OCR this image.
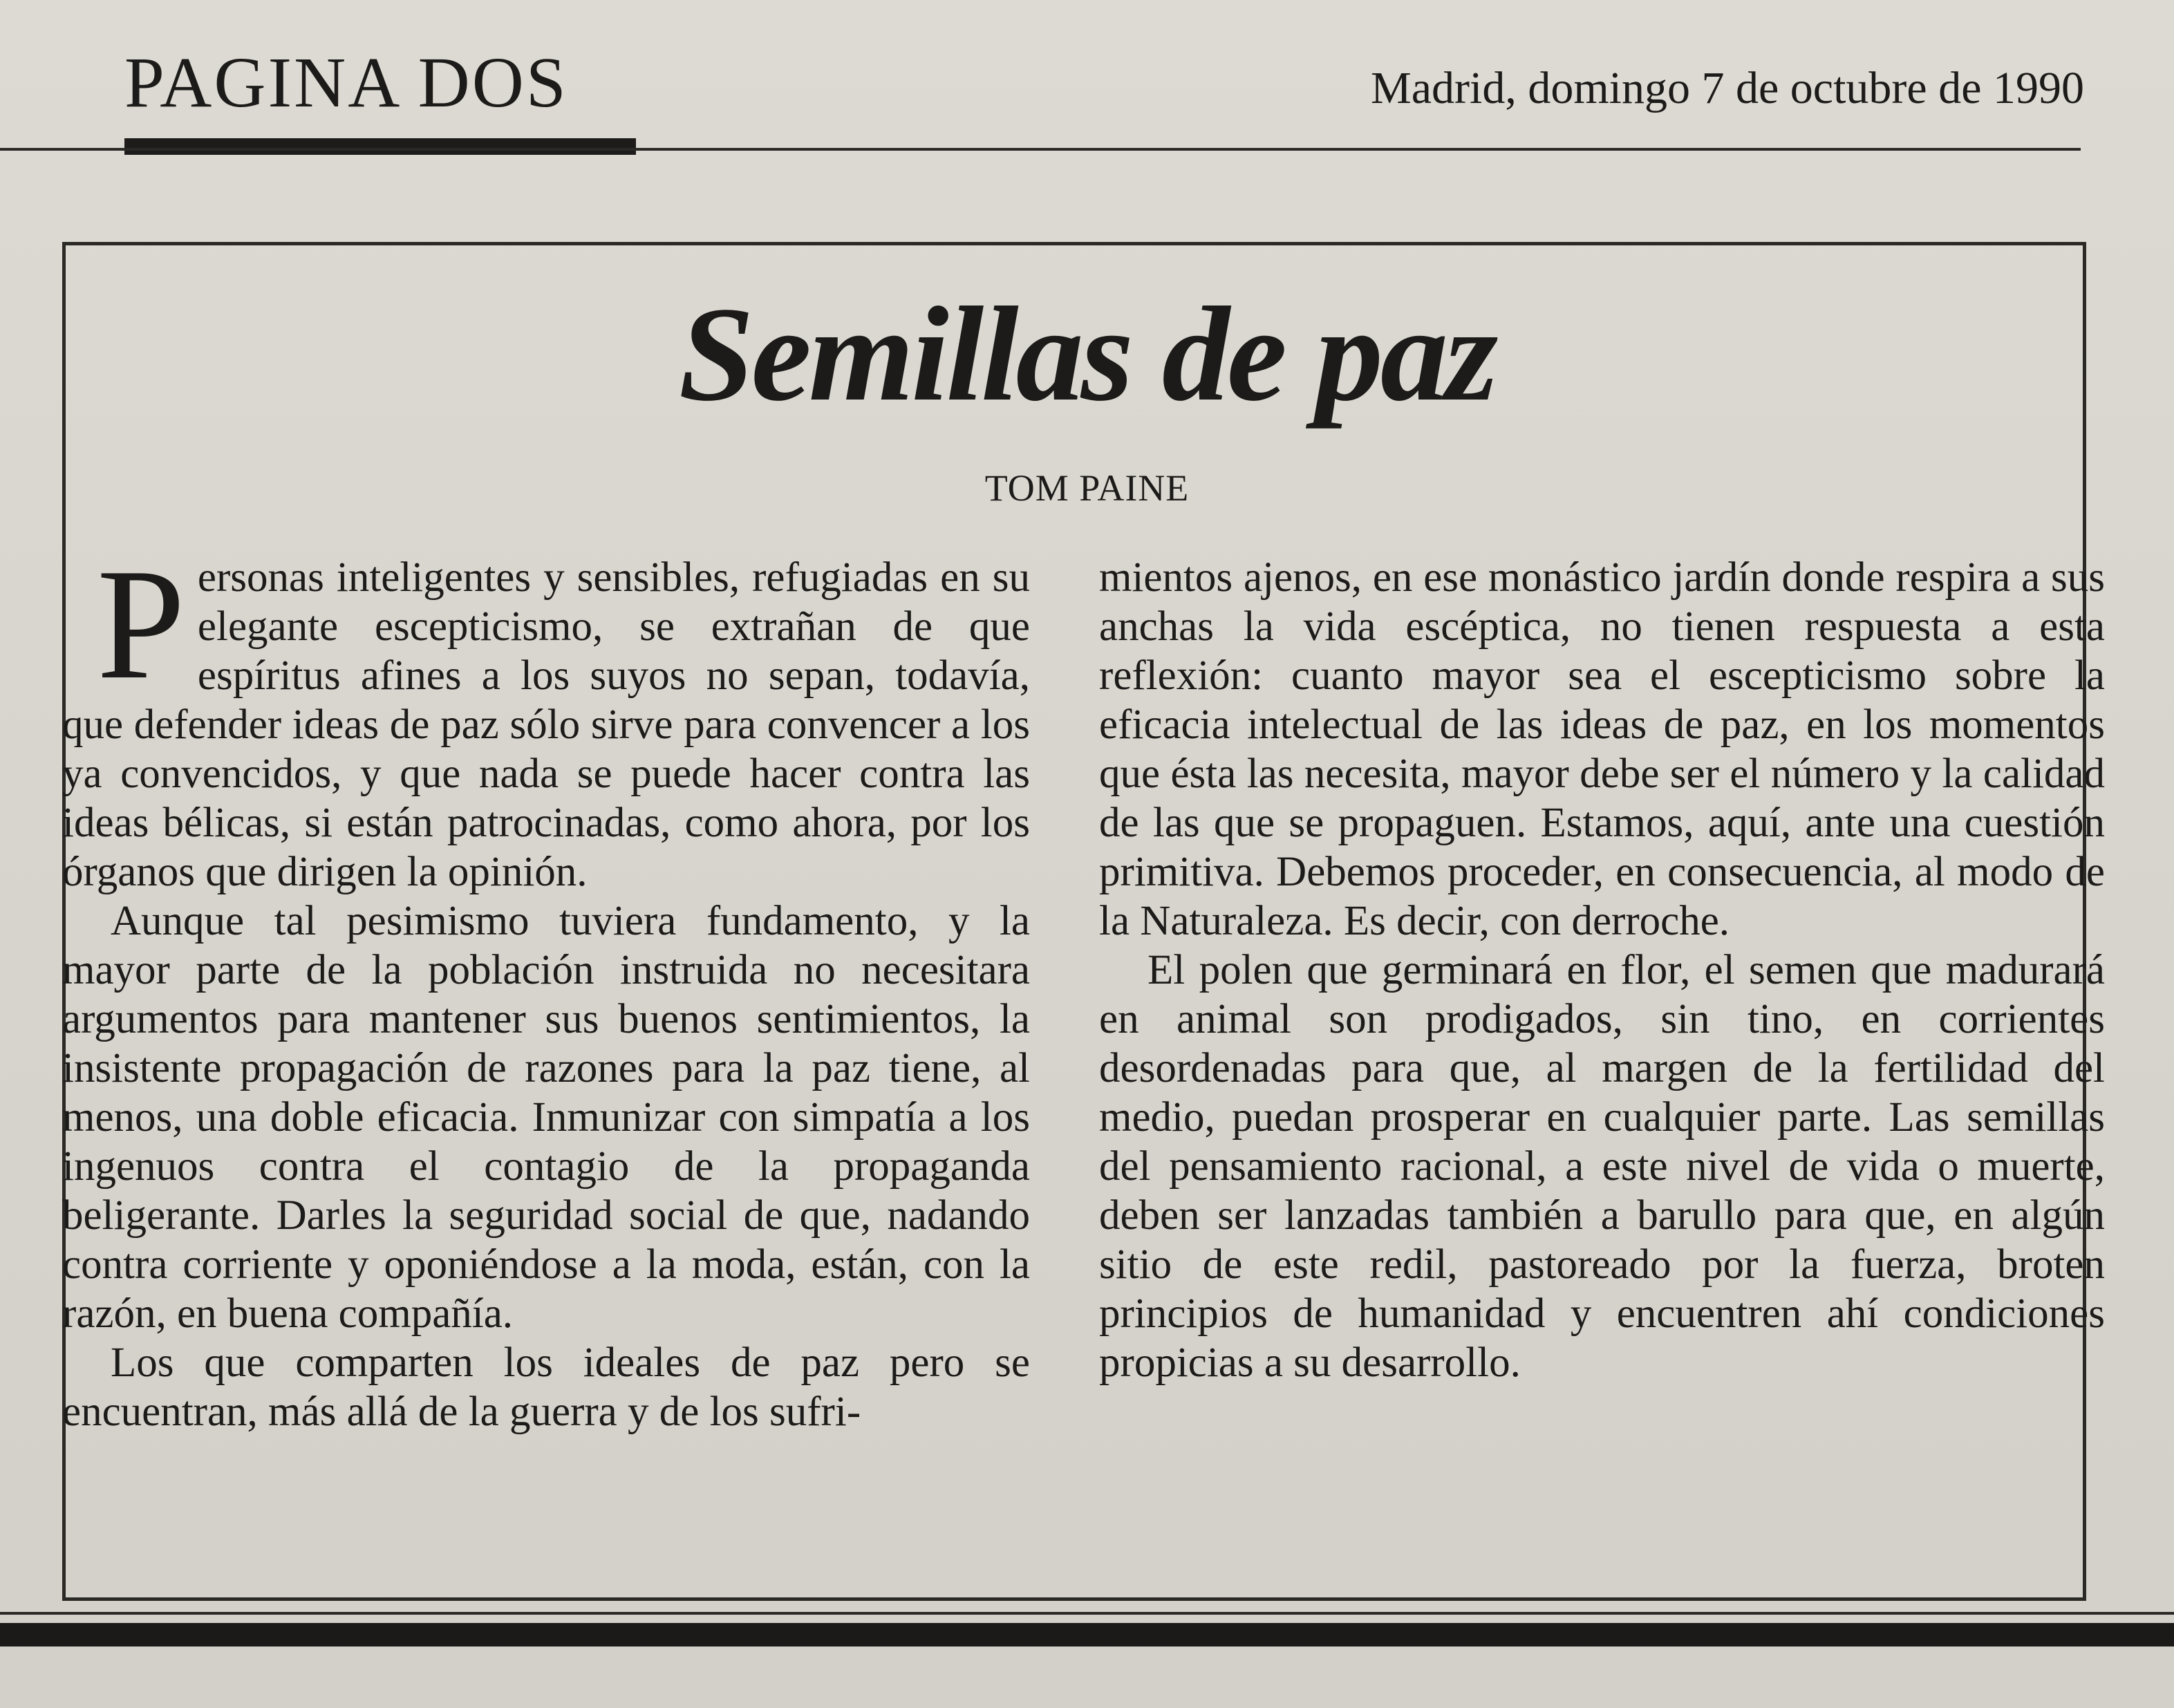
PAGINA DOS	Madrid, domingo 7 de octubre de 1990
Semillas de paz
TOM PAINE

Personas inteligentes y sensibles, refugiadas en su elegante escepticismo, se extrañan de que espíritus afines a los suyos no sepan, todavía, que defender ideas de paz sólo sirve para convencer a los ya convencidos, y que nada se puede hacer contra las ideas bélicas, si están patrocinadas, como ahora, por los órganos que dirigen la opinión.

Aunque tal pesimismo tuviera fundamento, y la mayor parte de la población instruida no necesitara argumentos para mantener sus buenos sentimientos, la insistente propagación de razones para la paz tiene, al menos, una doble eficacia. Inmunizar con simpatía a los ingenuos contra el contagio de la propaganda beligerante. Darles la seguridad social de que, nadando contra corriente y oponiéndose a la moda, están, con la razón, en buena compañía.

Los que comparten los ideales de paz pero se encuentran, más allá de la guerra y de los sufri-

mientos ajenos, en ese monástico jardín donde respira a sus anchas la vida escéptica, no tienen respuesta a esta reflexión: cuanto mayor sea el escepticismo sobre la eficacia intelectual de las ideas de paz, en los momentos que ésta las necesita, mayor debe ser el número y la calidad de las que se propaguen. Estamos, aquí, ante una cuestión primitiva. Debemos proceder, en consecuencia, al modo de la Naturaleza. Es decir, con derroche.

El polen que germinará en flor, el semen que madurará en animal son prodigados, sin tino, en corrientes desordenadas para que, al margen de la fertilidad del medio, puedan prosperar en cualquier parte. Las semillas del pensamiento racional, a este nivel de vida o muerte, deben ser lanzadas también a barullo para que, en algún sitio de este redil, pastoreado por la fuerza, broten principios de humanidad y encuentren ahí condiciones propicias a su desarrollo.
